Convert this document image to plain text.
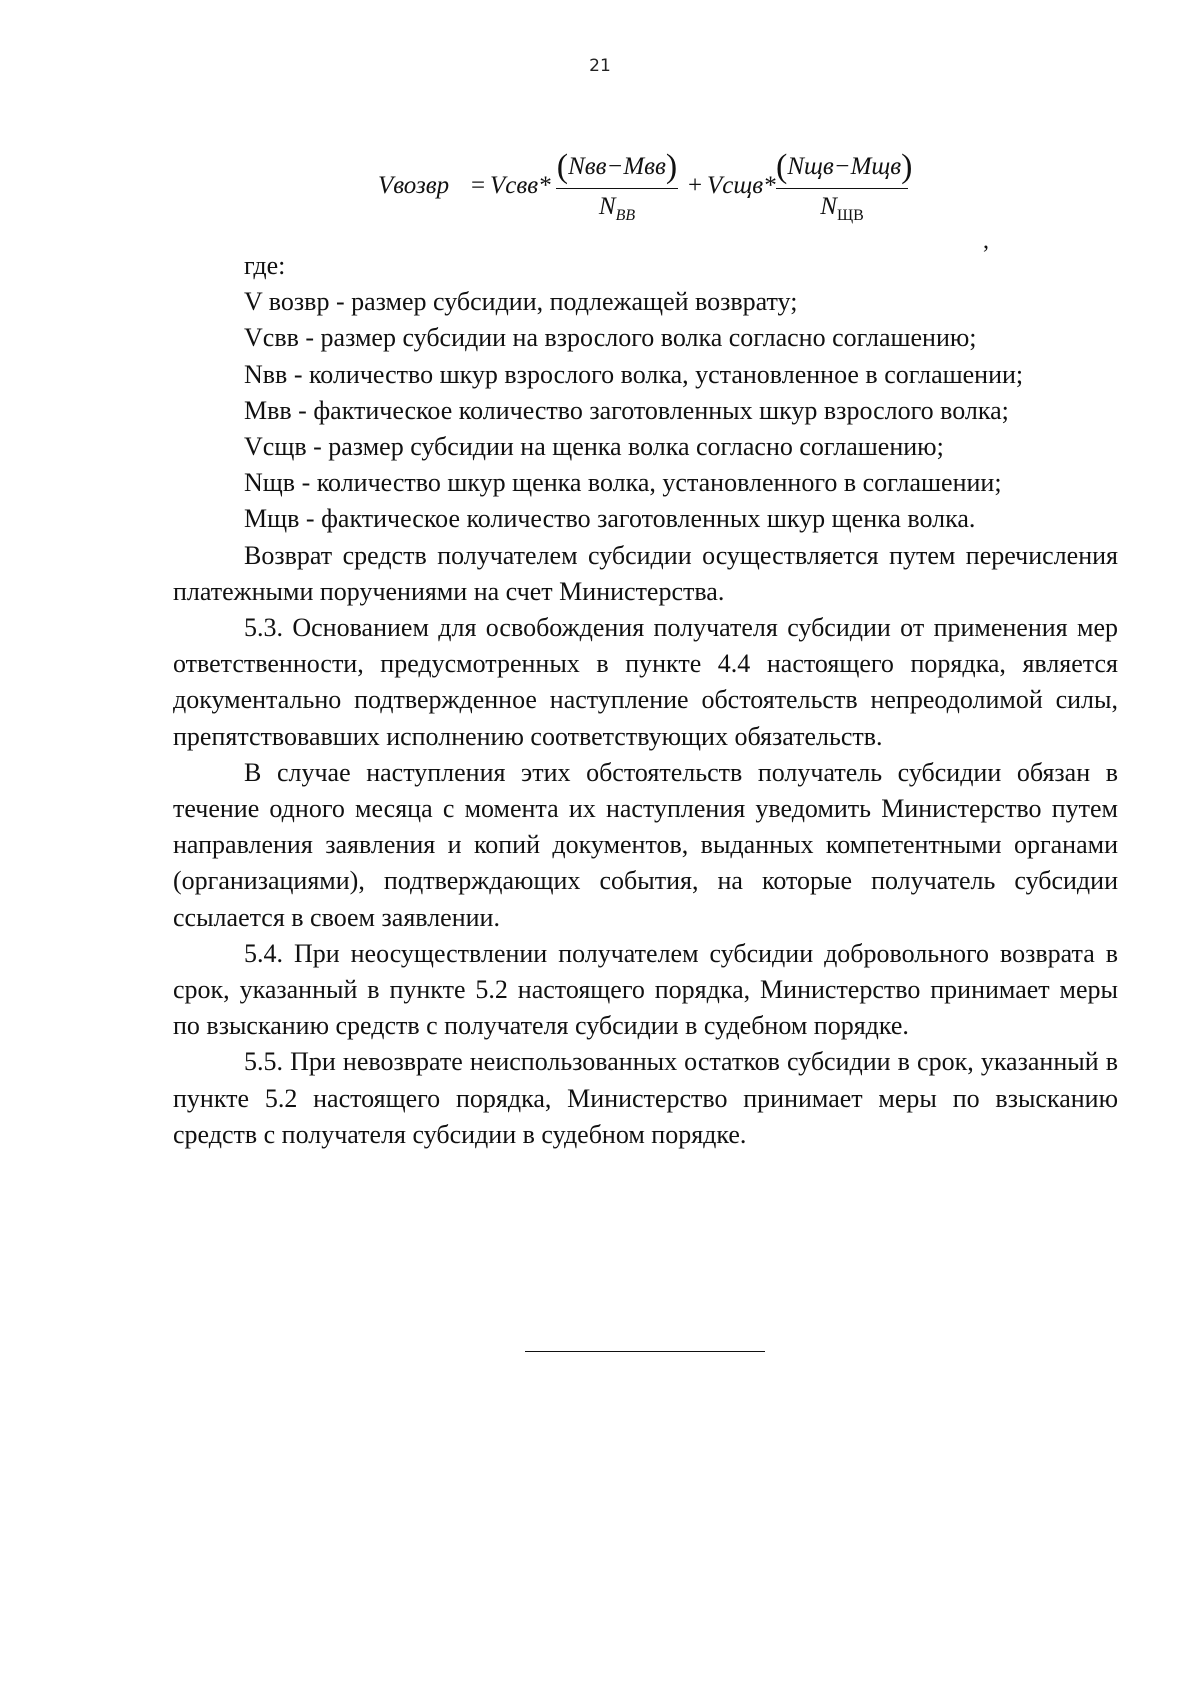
21
Vвозвр = Vсвв*
(Nвв−Mвв)
$N_{ВВ}$
+ Vсщв*
(Nщв−Mщв)
$N_{ЩВ}$
,

где:

V возвр - размер субсидии, подлежащей возврату;

Vсвв - размер субсидии на взрослого волка согласно соглашению;

Nвв - количество шкур взрослого волка, установленное в соглашении;

Mвв - фактическое количество заготовленных шкур взрослого волка;

Vсщв - размер субсидии на щенка волка согласно соглашению;

Nщв - количество шкур щенка волка, установленного в соглашении;

Mщв - фактическое количество заготовленных шкур щенка волка.

Возврат средств получателем субсидии осуществляется путем перечисления платежными поручениями на счет Министерства.

5.3. Основанием для освобождения получателя субсидии от применения мер ответственности, предусмотренных в пункте 4.4 настоящего порядка, является документально подтвержденное наступление обстоятельств непреодолимой силы, препятствовавших исполнению соответствующих обязательств.

В случае наступления этих обстоятельств получатель субсидии обязан в течение одного месяца с момента их наступления уведомить Министерство путем направления заявления и копий документов, выданных компетентными органами (организациями), подтверждающих события, на которые получатель субсидии ссылается в своем заявлении.

5.4. При неосуществлении получателем субсидии добровольного возврата в срок, указанный в пункте 5.2 настоящего порядка, Министерство принимает меры по взысканию средств с получателя субсидии в судебном порядке.

5.5. При невозврате неиспользованных остатков субсидии в срок, указанный в пункте 5.2 настоящего порядка, Министерство принимает меры по взысканию средств с получателя субсидии в судебном порядке.
